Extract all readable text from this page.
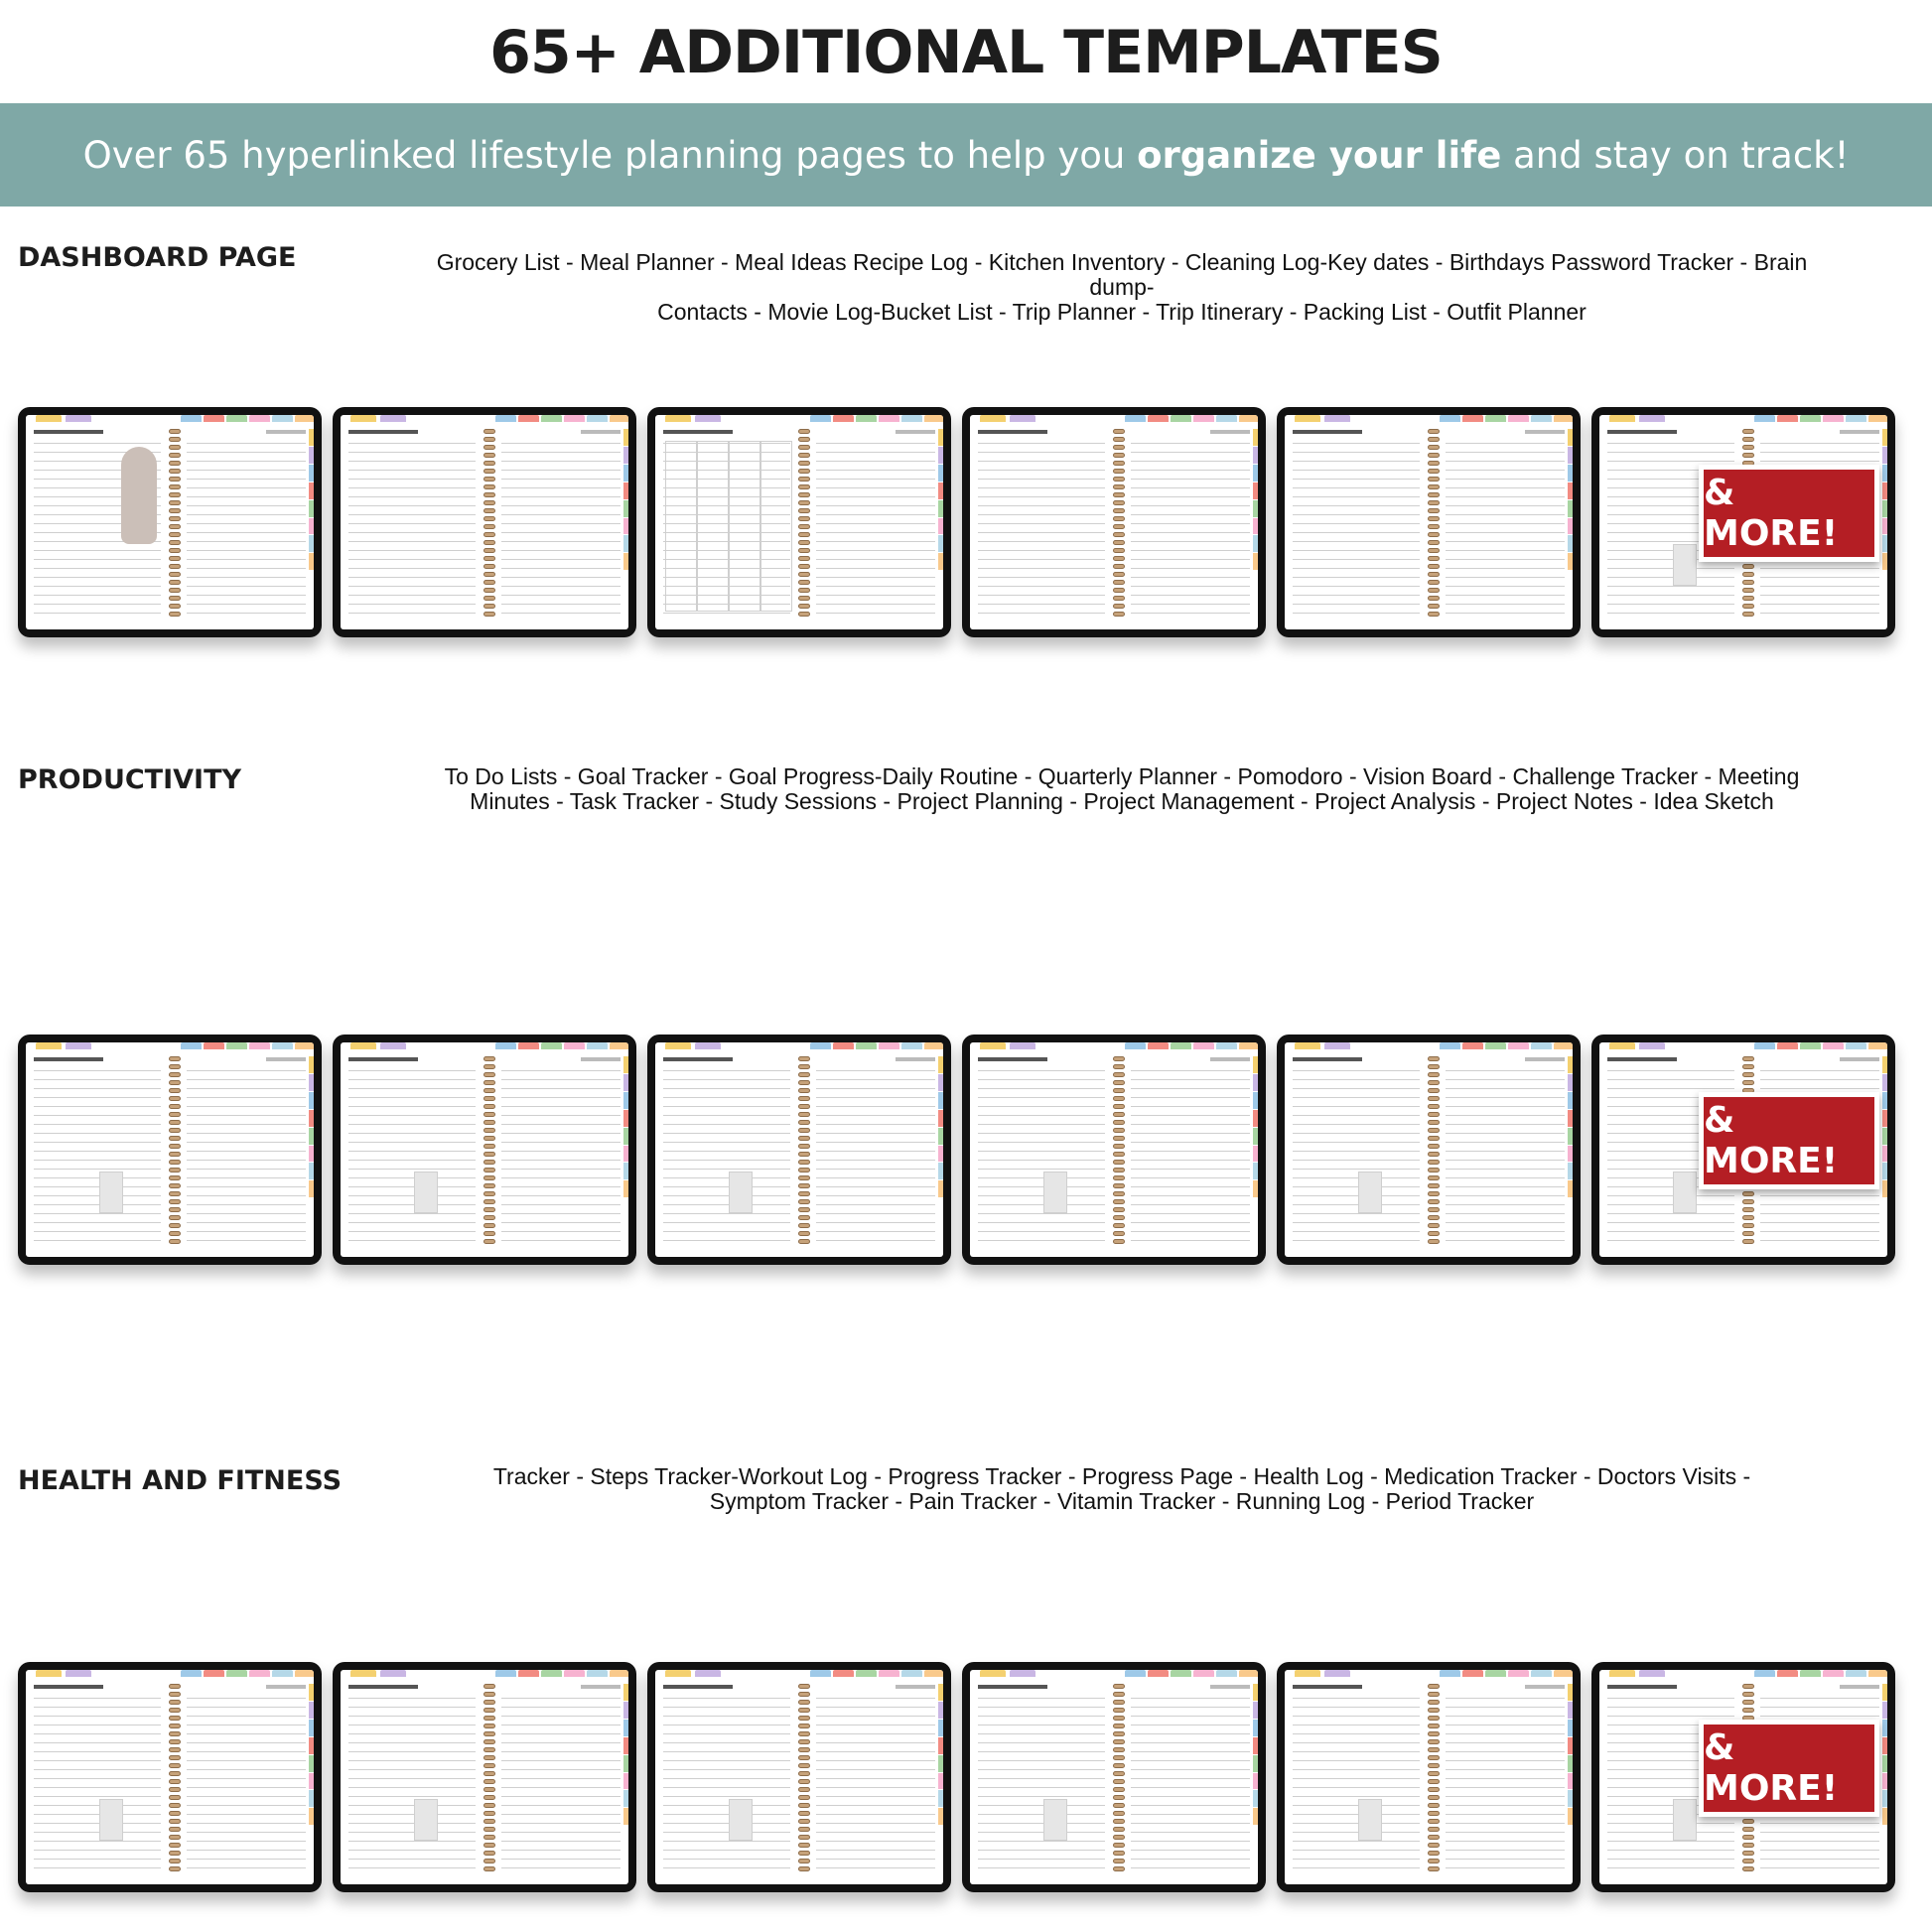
65+ ADDITIONAL TEMPLATES
Over 65 hyperlinked lifestyle planning pages to help you organize your life and stay on track!
DASHBOARD PAGE	Grocery List - Meal Planner - Meal Ideas Recipe Log - Kitchen Inventory - Cleaning Log-Key dates - Birthdays Password Tracker - Brain dump-
Contacts - Movie Log-Bucket List - Trip Planner - Trip Itinerary - Packing List - Outfit Planner
& MORE!
PRODUCTIVITY	To Do Lists - Goal Tracker - Goal Progress-Daily Routine - Quarterly Planner - Pomodoro - Vision Board - Challenge Tracker - Meeting
Minutes - Task Tracker - Study Sessions - Project Planning - Project Management - Project Analysis - Project Notes - Idea Sketch
& MORE!
HEALTH AND FITNESS	Tracker - Steps Tracker-Workout Log - Progress Tracker - Progress Page - Health Log - Medication Tracker - Doctors Visits -
Symptom Tracker - Pain Tracker - Vitamin Tracker - Running Log - Period Tracker
& MORE!
